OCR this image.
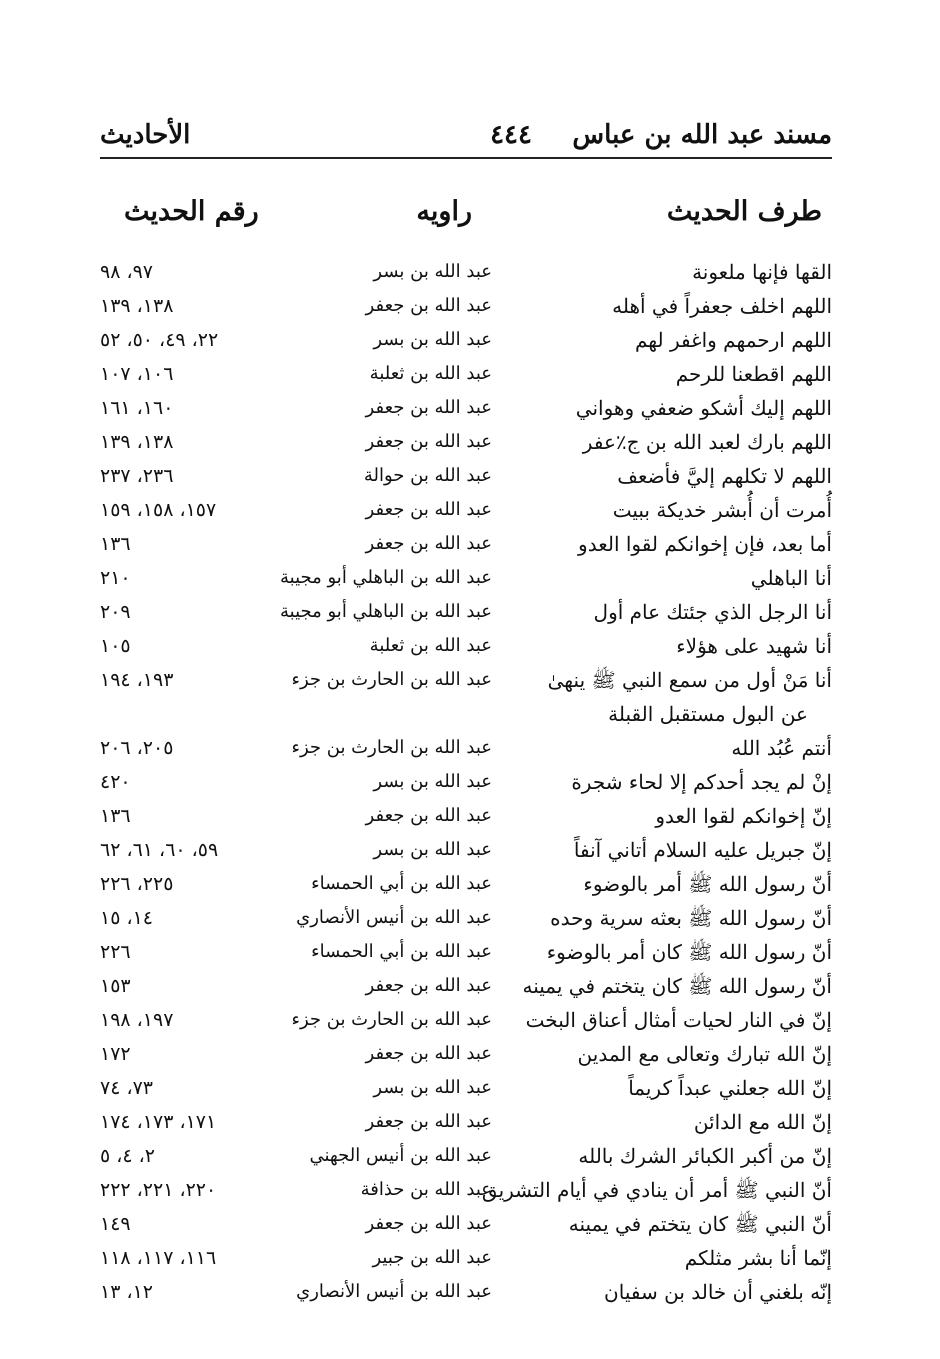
مسند عبد الله بن عباس
٤٤٤
الأحاديث
طرف الحديث
راويه
رقم الحديث
القها فإنها ملعونة
عبد الله بن بسر
٩٧، ٩٨
اللهم اخلف جعفراً في أهله
عبد الله بن جعفر
١٣٨، ١٣٩
اللهم ارحمهم واغفر لهم
عبد الله بن بسر
٢٢، ٤٩، ٥٠، ٥٢
اللهم اقطعنا للرحم
عبد الله بن ثعلبة
١٠٦، ١٠٧
اللهم إليك أشكو ضعفي وهواني
عبد الله بن جعفر
١٦٠، ١٦١
اللهم بارك لعبد الله بن ج٪عفر
عبد الله بن جعفر
١٣٨، ١٣٩
اللهم لا تكلهم إليَّ فأضعف
عبد الله بن حوالة
٢٣٦، ٢٣٧
أُمرت أن أُبشر خديكة ببيت
عبد الله بن جعفر
١٥٧، ١٥٨، ١٥٩
أما بعد، فإن إخوانكم لقوا العدو
عبد الله بن جعفر
١٣٦
أنا الباهلي
عبد الله بن الباهلي أبو مجيبة
٢١٠
أنا الرجل الذي جئتك عام أول
عبد الله بن الباهلي أبو مجيبة
٢٠٩
أنا شهيد على هؤلاء
عبد الله بن ثعلبة
١٠٥
أنا مَنْ أول من سمع النبي ﷺ ينهىٰ
عبد الله بن الحارث بن جزء
١٩٣، ١٩٤
عن البول مستقبل القبلة
أنتم عُبُد الله
عبد الله بن الحارث بن جزء
٢٠٥، ٢٠٦
إنْ لم يجد أحدكم إلا لحاء شجرة
عبد الله بن بسر
٤٢٠
إنّ إخوانكم لقوا العدو
عبد الله بن جعفر
١٣٦
إنّ جبريل عليه السلام أتاني آنفاً
عبد الله بن بسر
٥٩، ٦٠، ٦١، ٦٢
أنّ رسول الله ﷺ أمر بالوضوء
عبد الله بن أبي الحمساء
٢٢٥، ٢٢٦
أنّ رسول الله ﷺ بعثه سرية وحده
عبد الله بن أنيس الأنصاري
١٤، ١٥
أنّ رسول الله ﷺ كان أمر بالوضوء
عبد الله بن أبي الحمساء
٢٢٦
أنّ رسول الله ﷺ كان يتختم في يمينه
عبد الله بن جعفر
١٥٣
إنّ في النار لحيات أمثال أعناق البخت
عبد الله بن الحارث بن جزء
١٩٧، ١٩٨
إنّ الله تبارك وتعالى مع المدين
عبد الله بن جعفر
١٧٢
إنّ الله جعلني عبداً كريماً
عبد الله بن بسر
٧٣، ٧٤
إنّ الله مع الدائن
عبد الله بن جعفر
١٧١، ١٧٣، ١٧٤
إنّ من أكبر الكبائر الشرك بالله
عبد الله بن أنيس الجهني
٢، ٤، ٥
أنّ النبي ﷺ أمر أن ينادي في أيام التشريق
عبد الله بن حذافة
٢٢٠، ٢٢١، ٢٢٢
أنّ النبي ﷺ كان يتختم في يمينه
عبد الله بن جعفر
١٤٩
إنّما أنا بشر مثلكم
عبد الله بن جبير
١١٦، ١١٧، ١١٨
إنّه بلغني أن خالد بن سفيان
عبد الله بن أنيس الأنصاري
١٢، ١٣
